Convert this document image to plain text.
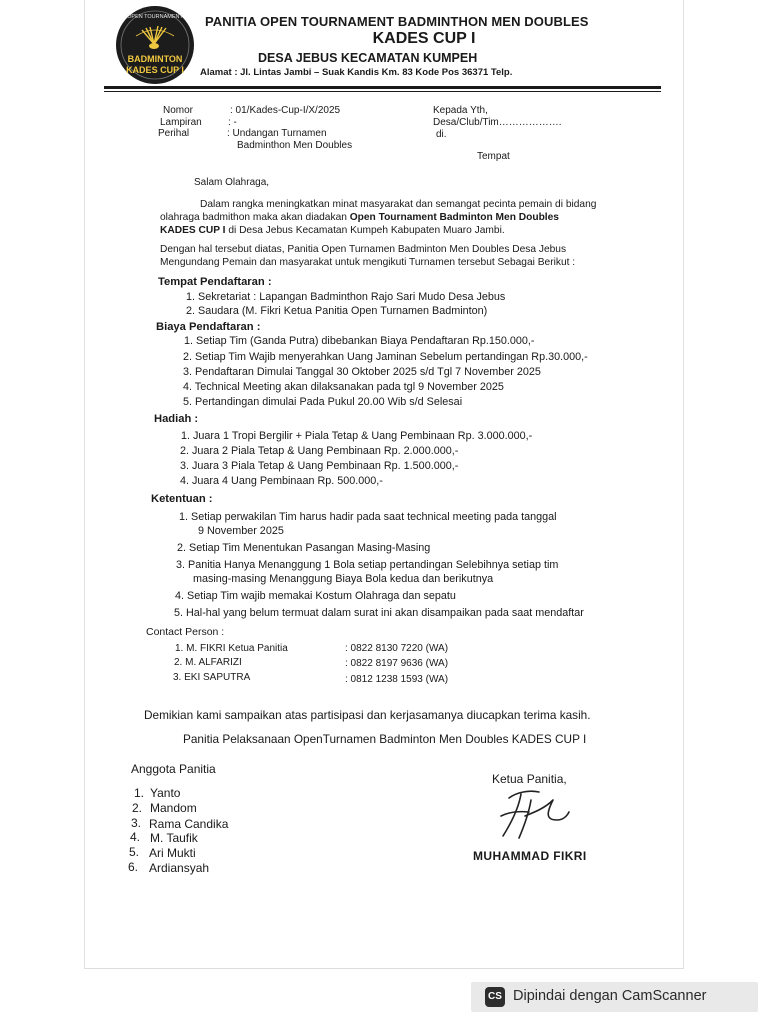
OPEN TOURNAMENT
BADMINTON
KADES CUP I
PANITIA OPEN TOURNAMENT BADMINTHON MEN DOUBLES
KADES CUP I
DESA JEBUS KECAMATAN KUMPEH
Alamat : Jl. Lintas Jambi – Suak Kandis Km. 83 Kode Pos 36371 Telp.
Nomor	: 01/Kades-Cup-I/X/2025
Lampiran	: -
Perihal	: Undangan Turnamen
Badminthon Men Doubles
Kepada Yth,
Desa/Club/Tim……………….
di.
Tempat
Salam Olahraga,
Dalam rangka meningkatkan minat masyarakat dan semangat pecinta pemain di bidang
olahraga badmithon maka akan diadakan Open Tournament Badminton Men Doubles
KADES CUP I di Desa Jebus Kecamatan Kumpeh Kabupaten Muaro Jambi.
Dengan hal tersebut diatas, Panitia Open Turnamen Badminton Men Doubles Desa Jebus
Mengundang Pemain dan masyarakat untuk mengikuti Turnamen tersebut Sebagai Berikut :
Tempat Pendaftaran :
1. Sekretariat : Lapangan Badminthon Rajo Sari Mudo Desa Jebus
2. Saudara (M. Fikri Ketua Panitia Open Turnamen Badminton)
Biaya Pendaftaran :
1. Setiap Tim (Ganda Putra) dibebankan Biaya Pendaftaran Rp.150.000,-
2. Setiap Tim Wajib menyerahkan Uang Jaminan Sebelum pertandingan Rp.30.000,-
3. Pendaftaran Dimulai Tanggal 30 Oktober 2025 s/d Tgl 7 November 2025
4. Technical Meeting akan dilaksanakan pada tgl 9 November 2025
5. Pertandingan dimulai Pada Pukul 20.00 Wib s/d Selesai
Hadiah :
1. Juara 1 Tropi Bergilir + Piala Tetap & Uang Pembinaan Rp. 3.000.000,-
2. Juara 2 Piala Tetap & Uang Pembinaan Rp. 2.000.000,-
3. Juara 3 Piala Tetap & Uang Pembinaan Rp. 1.500.000,-
4. Juara 4 Uang Pembinaan Rp. 500.000,-
Ketentuan :
1. Setiap perwakilan Tim harus hadir pada saat technical meeting pada tanggal
9 November 2025
2. Setiap Tim Menentukan Pasangan Masing-Masing
3. Panitia Hanya Menanggung 1 Bola setiap pertandingan Selebihnya setiap tim
masing-masing Menanggung Biaya Bola kedua dan berikutnya
4. Setiap Tim wajib memakai Kostum Olahraga dan sepatu
5. Hal-hal yang belum termuat dalam surat ini akan disampaikan pada saat mendaftar
Contact Person :
1. M. FIKRI Ketua Panitia	: 0822 8130 7220 (WA)
2. M. ALFARIZI	: 0822 8197 9636 (WA)
3. EKI SAPUTRA	: 0812 1238 1593 (WA)
Demikian kami sampaikan atas partisipasi dan kerjasamanya diucapkan terima kasih.
Panitia Pelaksanaan OpenTurnamen Badminton Men Doubles KADES CUP I
Anggota Panitia
1. Yanto
2. Mandom
3. Rama Candika
4. M. Taufik
5. Ari Mukti
6. Ardiansyah
Ketua Panitia,
MUHAMMAD FIKRI
CS Dipindai dengan CamScanner
